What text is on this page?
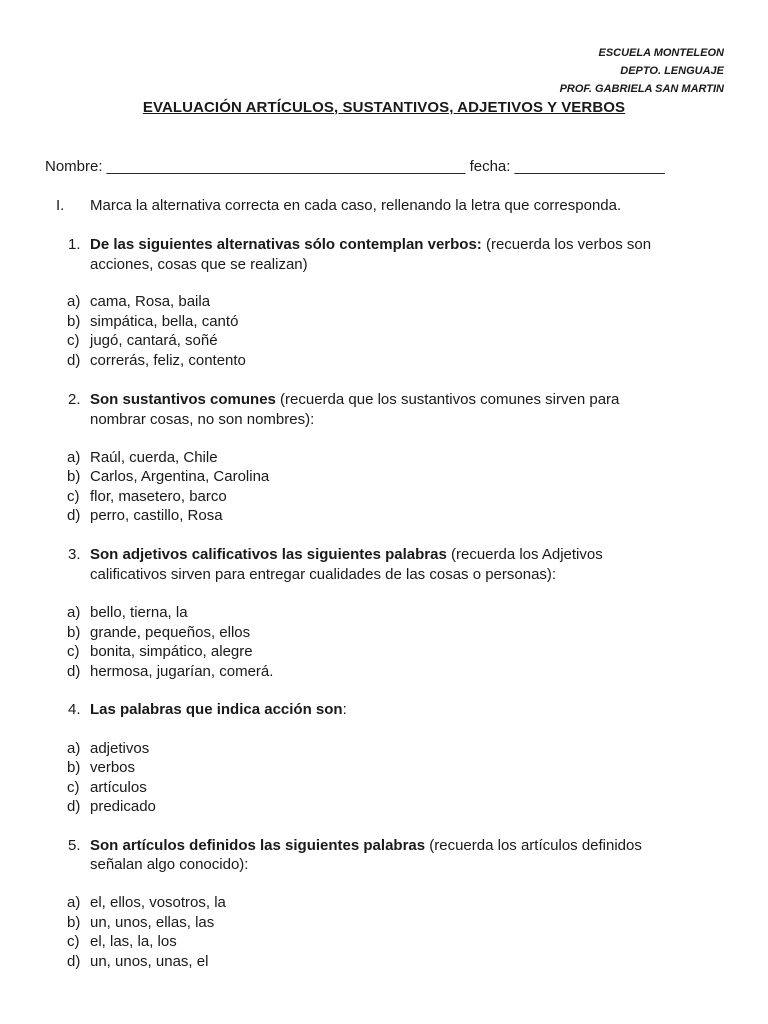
ESCUELA MONTELEON
DEPTO. LENGUAJE
PROF. GABRIELA SAN MARTIN
EVALUACIÓN ARTÍCULOS, SUSTANTIVOS, ADJETIVOS Y VERBOS
Nombre: ___________________________________________ fecha: __________________
I. Marca la alternativa correcta en cada caso, rellenando la letra que corresponda.
1. De las siguientes alternativas sólo contemplan verbos: (recuerda los verbos son
acciones, cosas que se realizan)
a) cama, Rosa, baila
b) simpática, bella, cantó
c) jugó, cantará, soñé
d) correrás, feliz, contento
2. Son sustantivos comunes (recuerda que los sustantivos comunes sirven para
nombrar cosas, no son nombres):
a) Raúl, cuerda, Chile
b) Carlos, Argentina, Carolina
c) flor, masetero, barco
d) perro, castillo, Rosa
3. Son adjetivos calificativos las siguientes palabras (recuerda los Adjetivos
calificativos sirven para entregar cualidades de las cosas o personas):
a) bello, tierna, la
b) grande, pequeños, ellos
c) bonita, simpático, alegre
d) hermosa, jugarían, comerá.
4. Las palabras que indica acción son:
a) adjetivos
b) verbos
c) artículos
d) predicado
5. Son artículos definidos las siguientes palabras (recuerda los artículos definidos
señalan algo conocido):
a) el, ellos, vosotros, la
b) un, unos, ellas, las
c) el, las, la, los
d) un, unos, unas, el
